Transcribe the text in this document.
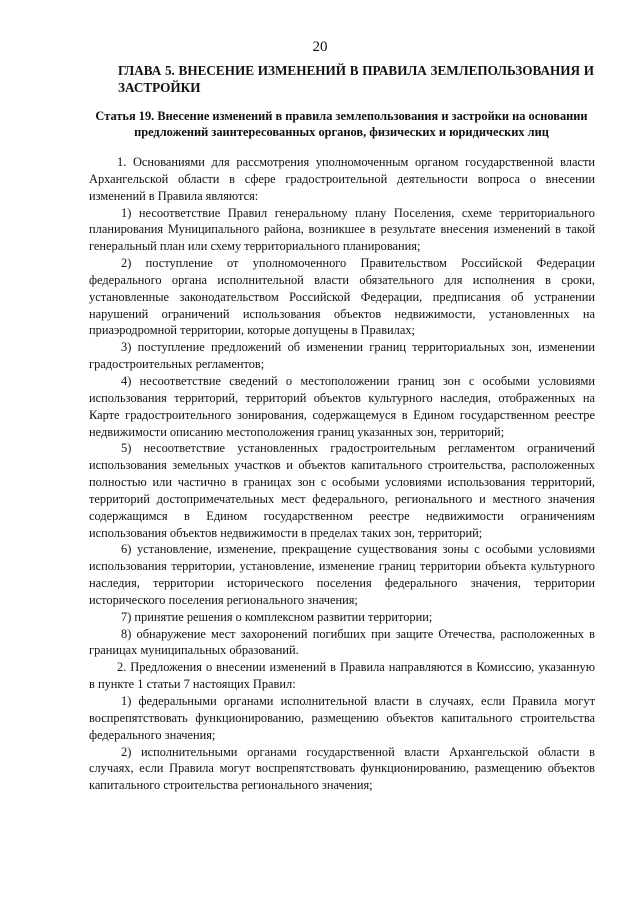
20
ГЛАВА 5. ВНЕСЕНИЕ ИЗМЕНЕНИЙ В ПРАВИЛА ЗЕМЛЕПОЛЬЗОВАНИЯ И ЗАСТРОЙКИ
Статья 19. Внесение изменений в правила землепользования и застройки на основании предложений заинтересованных органов, физических и юридических лиц

1. Основаниями для рассмотрения уполномоченным органом государственной власти Архангельской области в сфере градостроительной деятельности вопроса о внесении изменений в Правила являются:

1) несоответствие Правил генеральному плану Поселения, схеме территориального планирования Муниципального района, возникшее в результате внесения изменений в такой генеральный план или схему территориального планирования;

2) поступление от уполномоченного Правительством Российской Федерации федерального органа исполнительной власти обязательного для исполнения в сроки, установленные законодательством Российской Федерации, предписания об устранении нарушений ограничений использования объектов недвижимости, установленных на приаэродромной территории, которые допущены в Правилах;

3) поступление предложений об изменении границ территориальных зон, изменении градостроительных регламентов;

4) несоответствие сведений о местоположении границ зон с особыми условиями использования территорий, территорий объектов культурного наследия, отображенных на Карте градостроительного зонирования, содержащемуся в Едином государственном реестре недвижимости описанию местоположения границ указанных зон, территорий;

5) несоответствие установленных градостроительным регламентом ограничений использования земельных участков и объектов капитального строительства, расположенных полностью или частично в границах зон с особыми условиями использования территорий, территорий достопримечательных мест федерального, регионального и местного значения содержащимся в Едином государственном реестре недвижимости ограничениям использования объектов недвижимости в пределах таких зон, территорий;

6) установление, изменение, прекращение существования зоны с особыми условиями использования территории, установление, изменение границ территории объекта культурного наследия, территории исторического поселения федерального значения, территории исторического поселения регионального значения;

7) принятие решения о комплексном развитии территории;

8) обнаружение мест захоронений погибших при защите Отечества, расположенных в границах муниципальных образований.

2. Предложения о внесении изменений в Правила направляются в Комиссию, указанную в пункте 1 статьи 7 настоящих Правил:

1) федеральными органами исполнительной власти в случаях, если Правила могут воспрепятствовать функционированию, размещению объектов капитального строительства федерального значения;

2) исполнительными органами государственной власти Архангельской области в случаях, если Правила могут воспрепятствовать функционированию, размещению объектов капитального строительства регионального значения;
